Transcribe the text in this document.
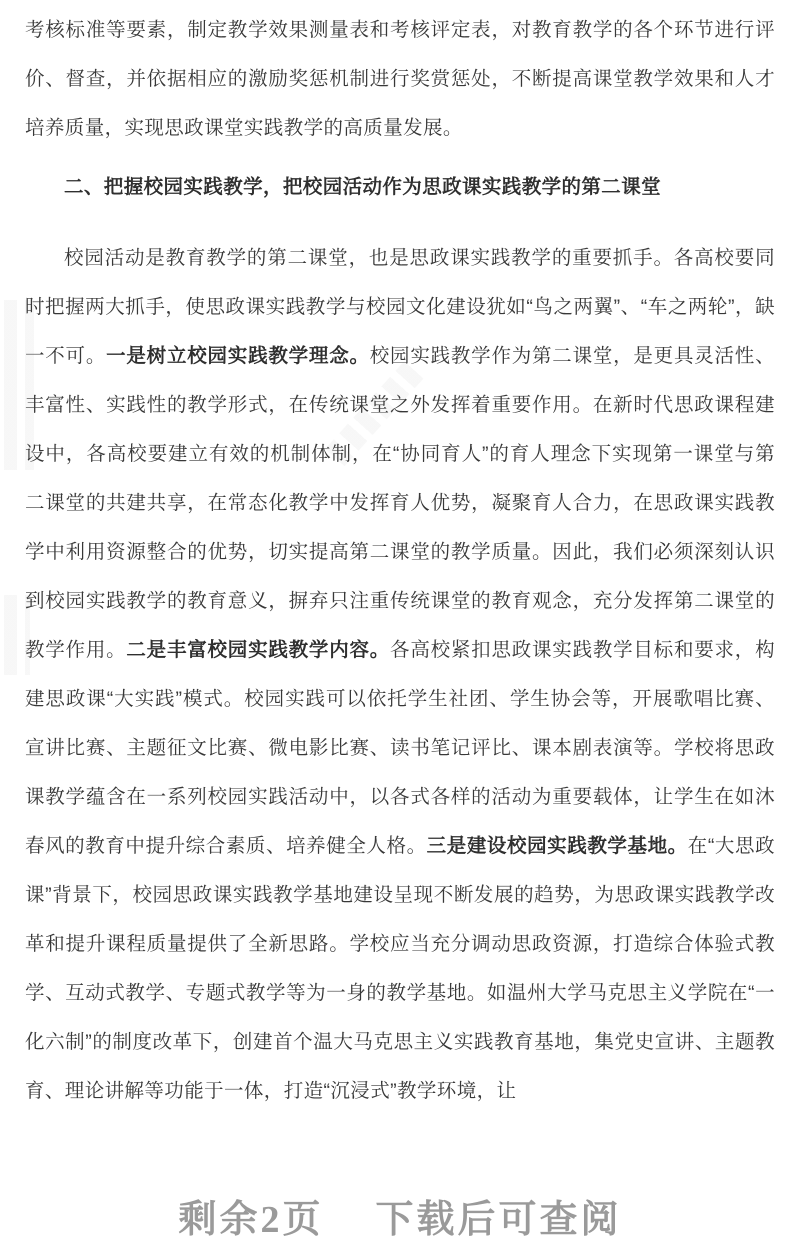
考核标准等要素，制定教学效果测量表和考核评定表，对教育教学的各个环节进行评价、督查，并依据相应的激励奖惩机制进行奖赏惩处，不断提高课堂教学效果和人才培养质量，实现思政课堂实践教学的高质量发展。

二、把握校园实践教学，把校园活动作为思政课实践教学的第二课堂

校园活动是教育教学的第二课堂，也是思政课实践教学的重要抓手。各高校要同时把握两大抓手，使思政课实践教学与校园文化建设犹如“鸟之两翼”、“车之两轮”，缺一不可。一是树立校园实践教学理念。校园实践教学作为第二课堂，是更具灵活性、丰富性、实践性的教学形式，在传统课堂之外发挥着重要作用。在新时代思政课程建设中，各高校要建立有效的机制体制，在“协同育人”的育人理念下实现第一课堂与第二课堂的共建共享，在常态化教学中发挥育人优势，凝聚育人合力，在思政课实践教学中利用资源整合的优势，切实提高第二课堂的教学质量。因此，我们必须深刻认识到校园实践教学的教育意义，摒弃只注重传统课堂的教育观念，充分发挥第二课堂的教学作用。二是丰富校园实践教学内容。各高校紧扣思政课实践教学目标和要求，构建思政课“大实践”模式。校园实践可以依托学生社团、学生协会等，开展歌唱比赛、宣讲比赛、主题征文比赛、微电影比赛、读书笔记评比、课本剧表演等。学校将思政课教学蕴含在一系列校园实践活动中，以各式各样的活动为重要载体，让学生在如沐春风的教育中提升综合素质、培养健全人格。三是建设校园实践教学基地。在“大思政课”背景下，校园思政课实践教学基地建设呈现不断发展的趋势，为思政课实践教学改革和提升课程质量提供了全新思路。学校应当充分调动思政资源，打造综合体验式教学、互动式教学、专题式教学等为一身的教学基地。如温州大学马克思主义学院在“一化六制”的制度改革下，创建首个温大马克思主义实践教育基地，集党史宣讲、主题教育、理论讲解等功能于一体，打造“沉浸式”教学环境，让

剩余2页 下载后可查阅
